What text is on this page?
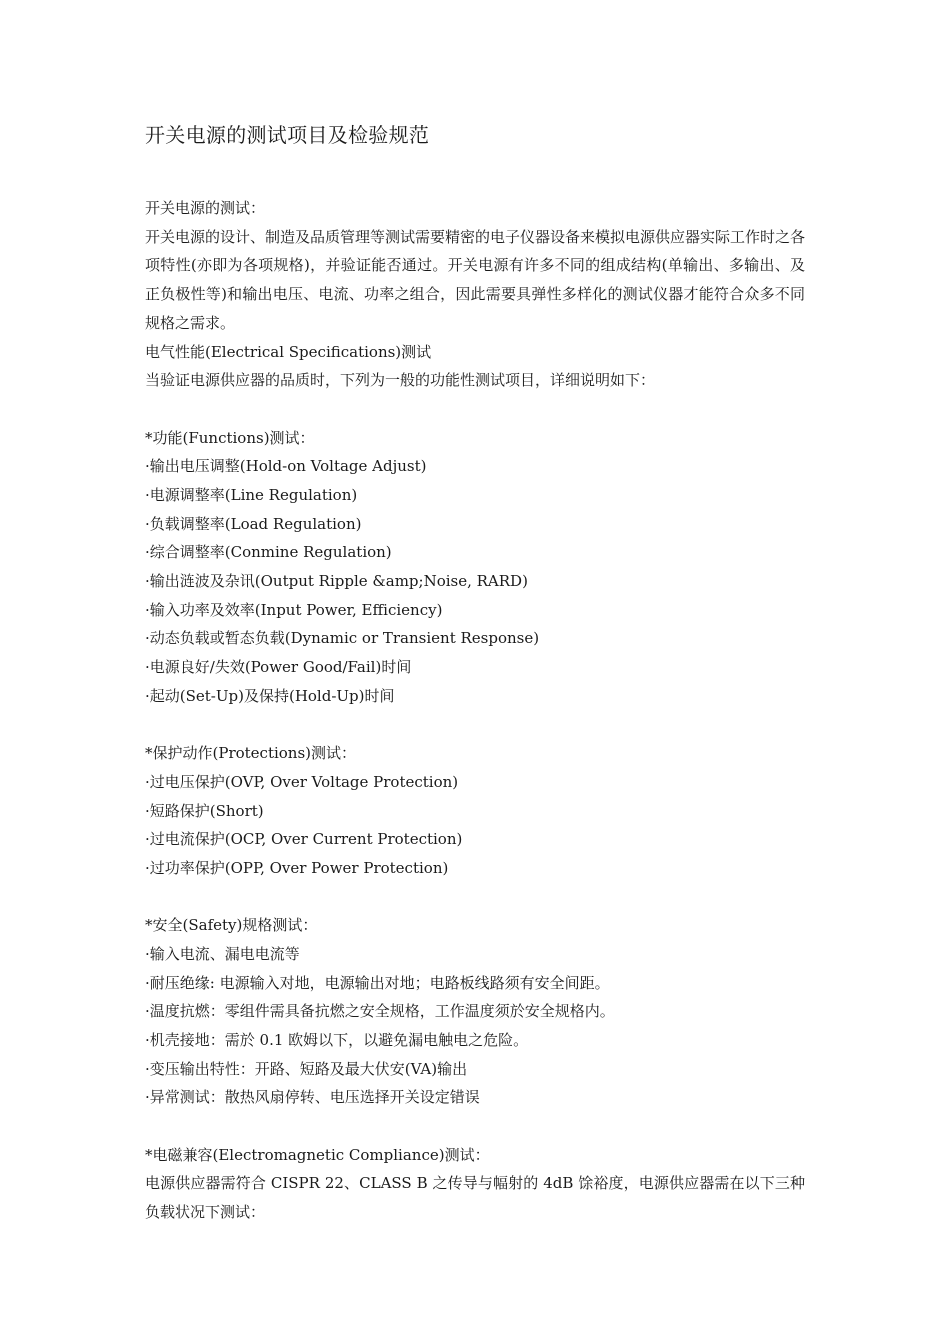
开关电源的测试项目及检验规范
开关电源的测试：
开关电源的设计、制造及品质管理等测试需要精密的电子仪器设备来模拟电源供应器实际工作时之各项特性(亦即为各项规格)，并验证能否通过。开关电源有许多不同的组成结构(单输出、多输出、及正负极性等)和输出电压、电流、功率之组合，因此需要具弹性多样化的测试仪器才能符合众多不同规格之需求。
电气性能(Electrical Specifications)测试
当验证电源供应器的品质时，下列为一般的功能性测试项目，详细说明如下：
*功能(Functions)测试：
·输出电压调整(Hold-on Voltage Adjust)
·电源调整率(Line Regulation)
·负载调整率(Load Regulation)
·综合调整率(Conmine Regulation)
·输出涟波及杂讯(Output Ripple &amp;Noise, RARD)
·输入功率及效率(Input Power, Efficiency)
·动态负载或暂态负载(Dynamic or Transient Response)
·电源良好/失效(Power Good/Fail)时间
·起动(Set-Up)及保持(Hold-Up)时间
*保护动作(Protections)测试：
·过电压保护(OVP, Over Voltage Protection)
·短路保护(Short)
·过电流保护(OCP, Over Current Protection)
·过功率保护(OPP, Over Power Protection)
*安全(Safety)规格测试：
·输入电流、漏电电流等
·耐压绝缘: 电源输入对地，电源输出对地；电路板线路须有安全间距。
·温度抗燃：零组件需具备抗燃之安全规格，工作温度须於安全规格内。
·机壳接地：需於 0.1 欧姆以下，以避免漏电触电之危险。
·变压输出特性：开路、短路及最大伏安(VA)输出
·异常测试：散热风扇停转、电压选择开关设定错误
*电磁兼容(Electromagnetic Compliance)测试：
电源供应器需符合 CISPR 22、CLASS B 之传导与幅射的 4dB 馀裕度，电源供应器需在以下三种负载状况下测试：
